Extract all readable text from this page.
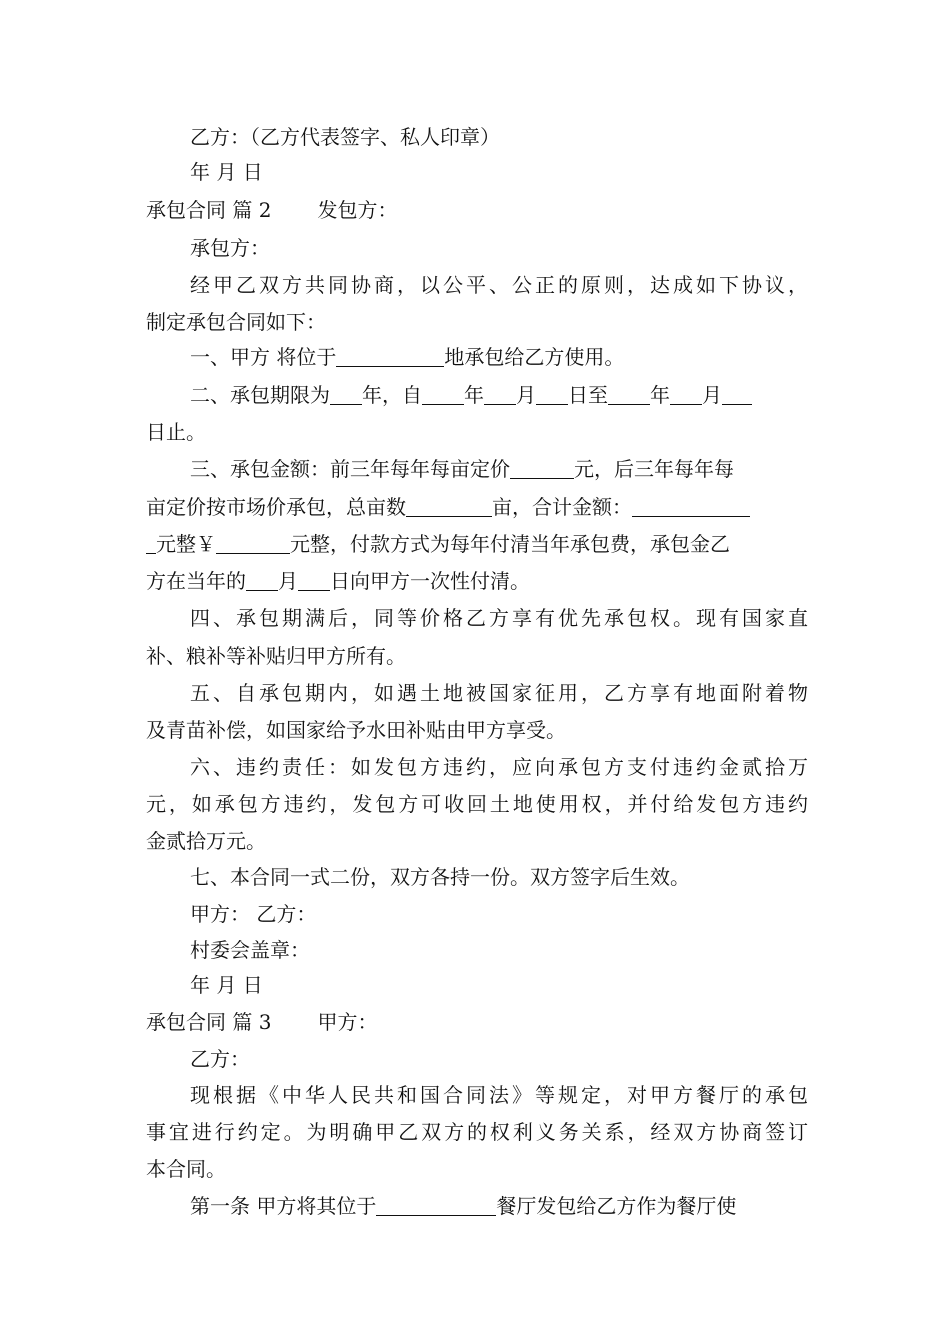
乙方：（乙方代表签字、私人印章）
年 月 日
承包合同 篇 2 发包方：
承包方：
经甲乙双方共同协商，以公平、公正的原则，达成如下协议，
制定承包合同如下：
一、甲方 将位于	地承包给乙方使用。
二、承包期限为 年，自 年 月 日至 年 月
日止。
三、承包金额：前三年每年每亩定价	元，后三年每年每
亩定价按市场价承包，总亩数	亩，合计金额：
元整￥	元整，付款方式为每年付清当年承包费，承包金乙
方在当年的 月 日向甲方一次性付清。
四、承包期满后，同等价格乙方享有优先承包权。现有国家直
补、粮补等补贴归甲方所有。
五、自承包期内，如遇土地被国家征用，乙方享有地面附着物
及青苗补偿，如国家给予水田补贴由甲方享受。
六、违约责任：如发包方违约，应向承包方支付违约金贰拾万
元，如承包方违约，发包方可收回土地使用权，并付给发包方违约
金贰拾万元。
七、本合同一式二份，双方各持一份。双方签字后生效。
甲方： 乙方：
村委会盖章：
年 月 日
承包合同 篇 3 甲方：
乙方：
现根据《中华人民共和国合同法》等规定，对甲方餐厅的承包
事宜进行约定。为明确甲乙双方的权利义务关系，经双方协商签订
本合同。
第一条 甲方将其位于	餐厅发包给乙方作为餐厅使
